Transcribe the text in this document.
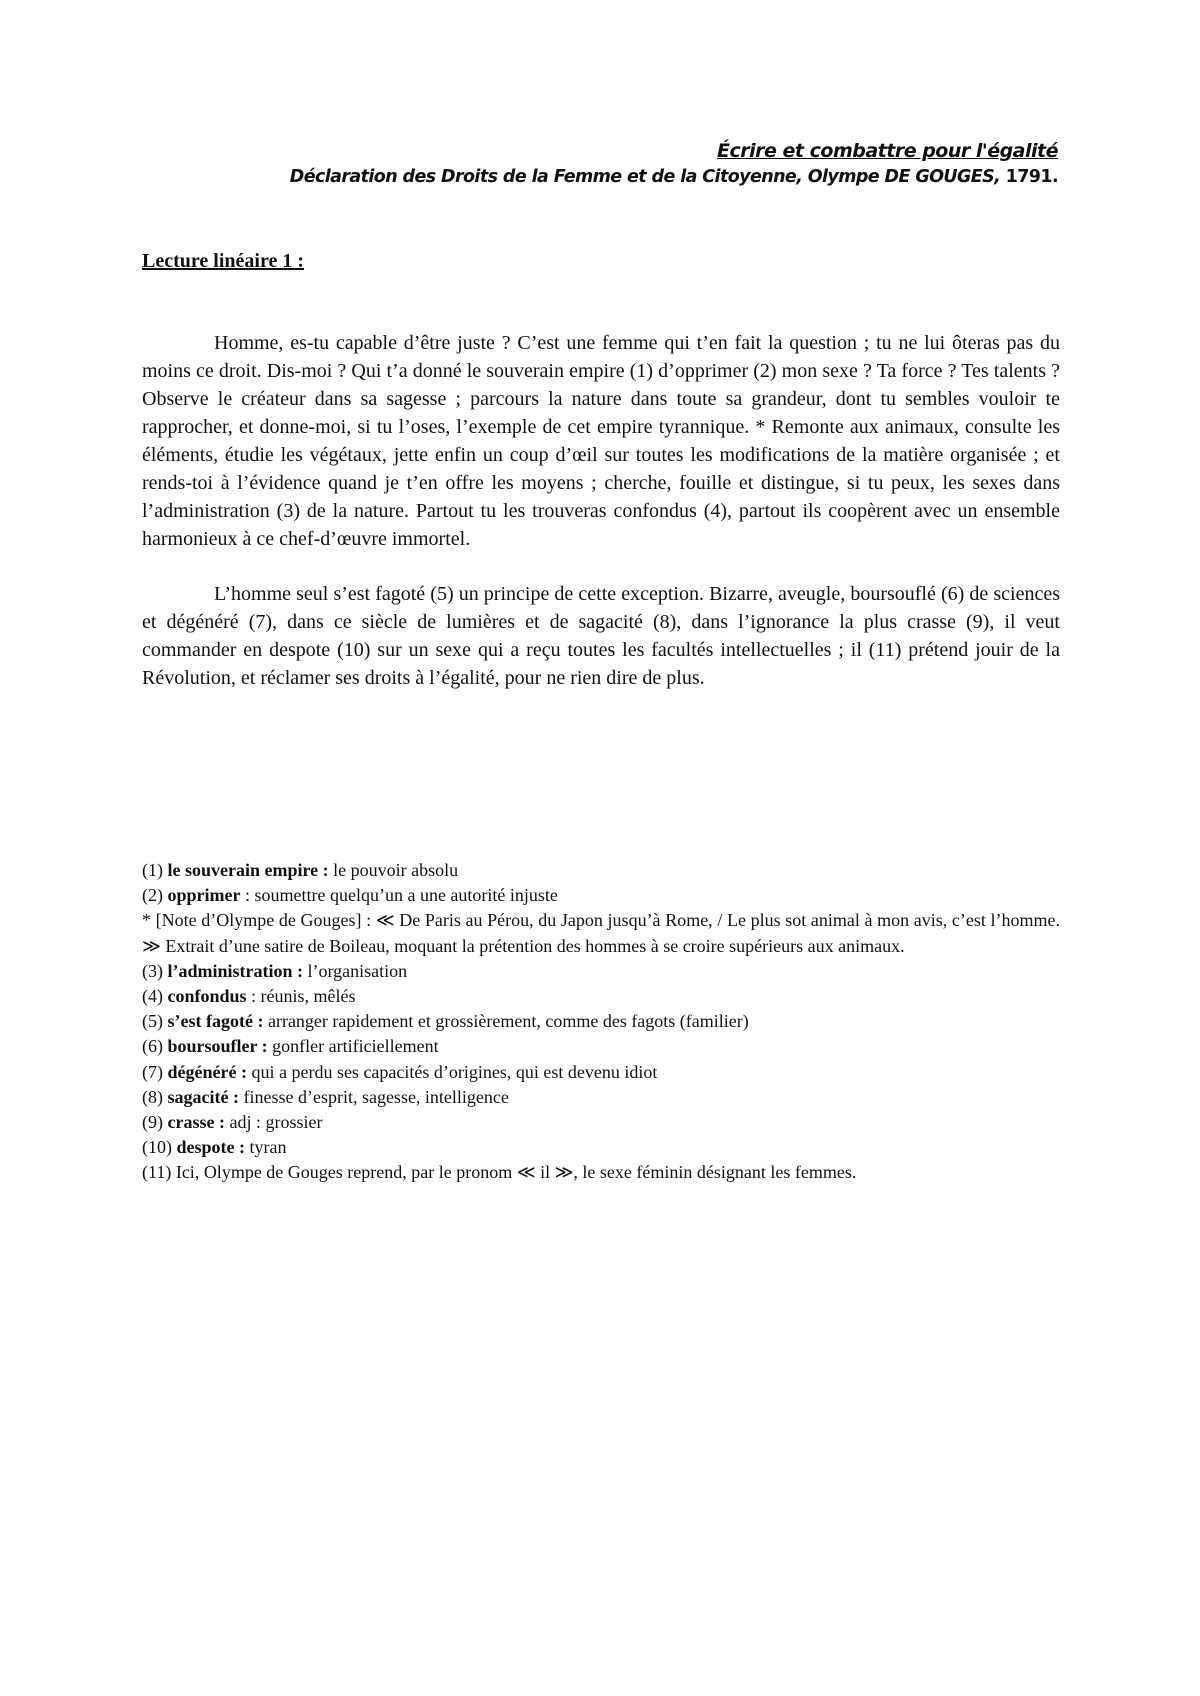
Écrire et combattre pour l'égalité
Déclaration des Droits de la Femme et de la Citoyenne, Olympe DE GOUGES, 1791.
Lecture linéaire 1 :

Homme, es-tu capable d’être juste ? C’est une femme qui t’en fait la question ; tu ne lui ôteras pas du moins ce droit. Dis-moi ? Qui t’a donné le souverain empire (1) d’opprimer (2) mon sexe ? Ta force ? Tes talents ? Observe le créateur dans sa sagesse ; parcours la nature dans toute sa grandeur, dont tu sembles vouloir te rapprocher, et donne-moi, si tu l’oses, l’exemple de cet empire tyrannique. * Remonte aux animaux, consulte les éléments, étudie les végétaux, jette enfin un coup d’œil sur toutes les modifications de la matière organisée ; et rends-toi à l’évidence quand je t’en offre les moyens ; cherche, fouille et distingue, si tu peux, les sexes dans l’administration (3) de la nature. Partout tu les trouveras confondus (4), partout ils coopèrent avec un ensemble harmonieux à ce chef-d’œuvre immortel.

L’homme seul s’est fagoté (5) un principe de cette exception. Bizarre, aveugle, boursouflé (6) de sciences et dégénéré (7), dans ce siècle de lumières et de sagacité (8), dans l’ignorance la plus crasse (9), il veut commander en despote (10) sur un sexe qui a reçu toutes les facultés intellectuelles ; il (11) prétend jouir de la Révolution, et réclamer ses droits à l’égalité, pour ne rien dire de plus.

(1) le souverain empire : le pouvoir absolu

(2) opprimer : soumettre quelqu’un a une autorité injuste

* [Note d’Olympe de Gouges] : ≪ De Paris au Pérou, du Japon jusqu’à Rome, / Le plus sot animal à mon avis, c’est l’homme. ≫ Extrait d’une satire de Boileau, moquant la prétention des hommes à se croire supérieurs aux animaux.

(3) l’administration : l’organisation

(4) confondus : réunis, mêlés

(5) s’est fagoté : arranger rapidement et grossièrement, comme des fagots (familier)

(6) boursoufler : gonfler artificiellement

(7) dégénéré : qui a perdu ses capacités d’origines, qui est devenu idiot

(8) sagacité : finesse d’esprit, sagesse, intelligence

(9) crasse : adj : grossier

(10) despote : tyran

(11) Ici, Olympe de Gouges reprend, par le pronom ≪ il ≫, le sexe féminin désignant les femmes.
